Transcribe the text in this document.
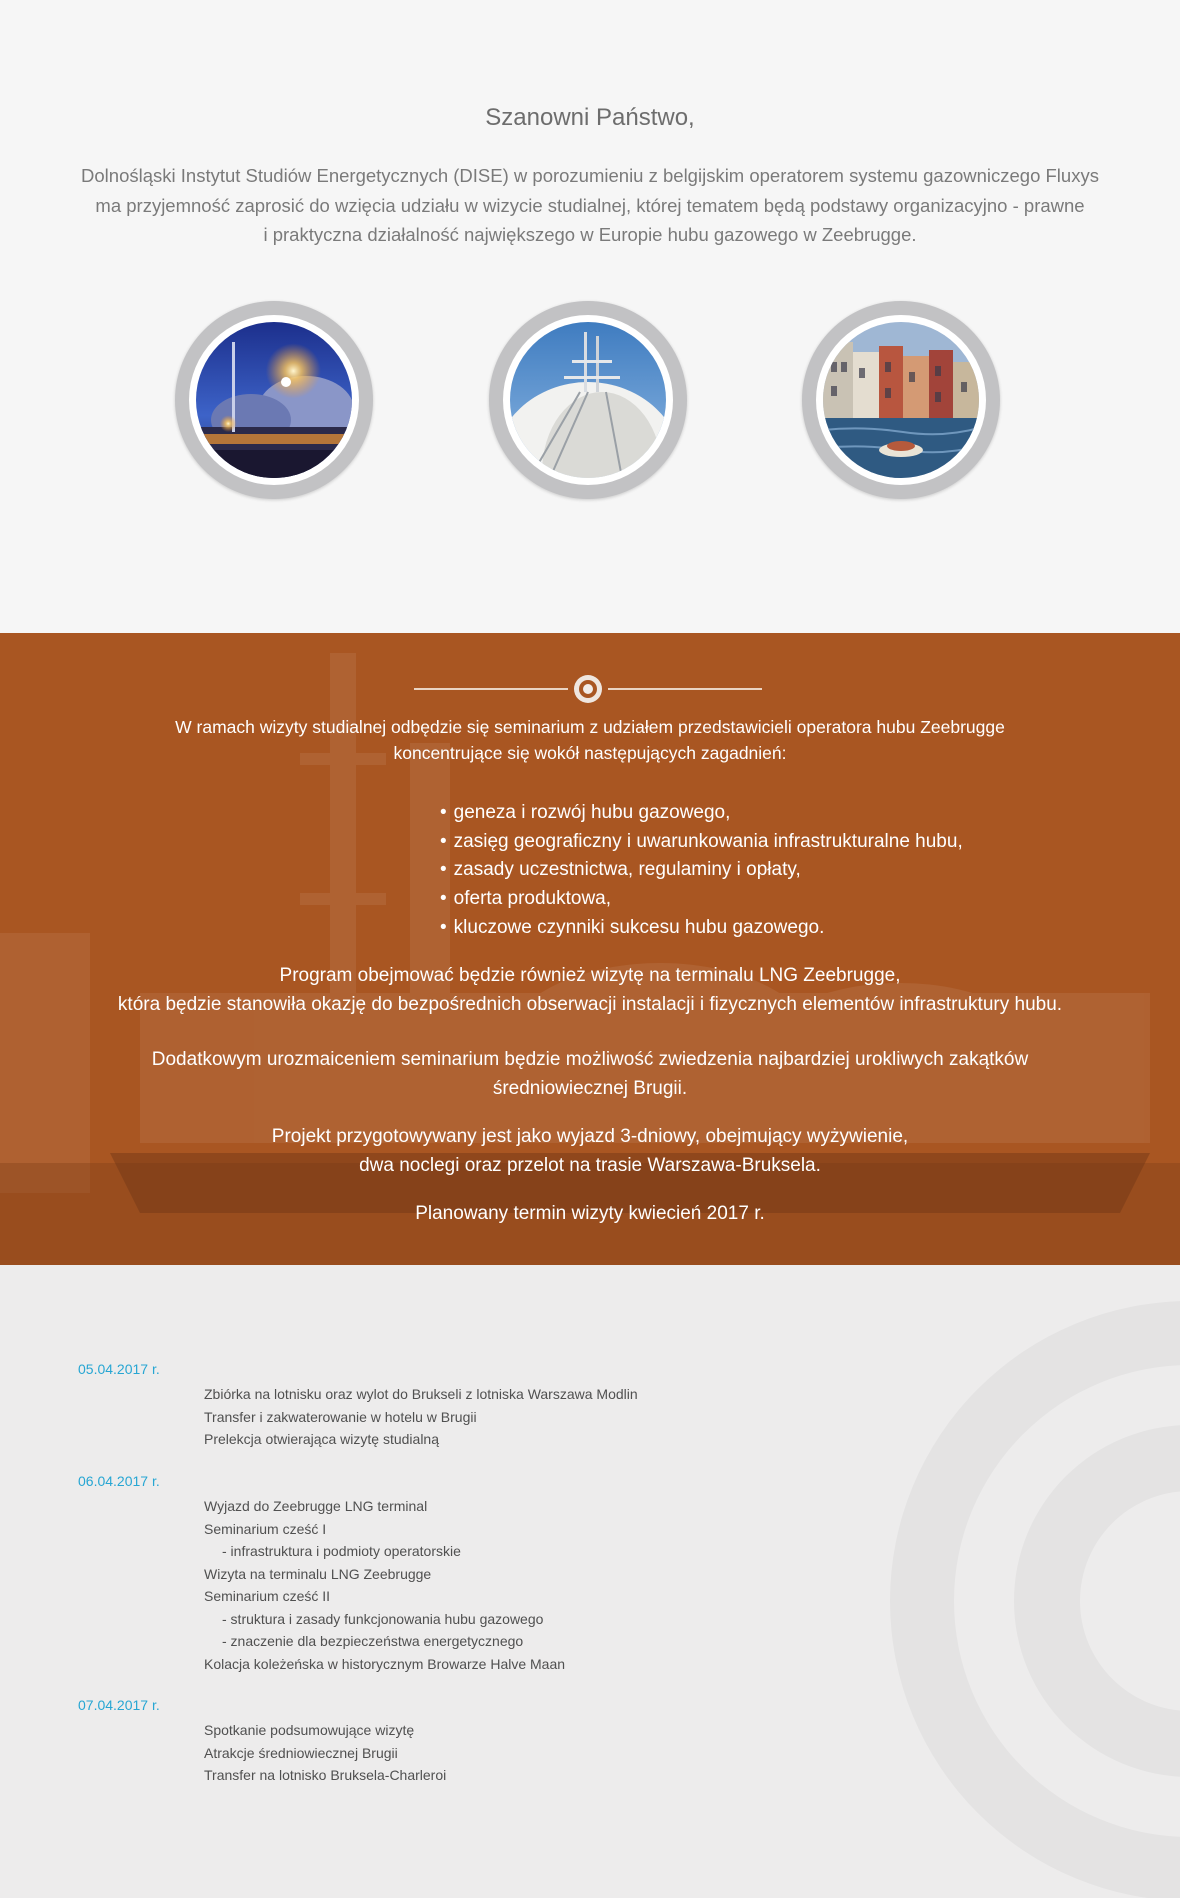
Szanowni Państwo,
Dolnośląski Instytut Studiów Energetycznych (DISE) w porozumieniu z belgijskim operatorem systemu gazowniczego Fluxys
ma przyjemność zaprosić do wzięcia udziału w wizycie studialnej, której tematem będą podstawy organizacyjno - prawne
i praktyczna działalność największego w Europie hubu gazowego w Zeebrugge.
W ramach wizyty studialnej odbędzie się seminarium z udziałem przedstawicieli operatora hubu Zeebrugge
koncentrujące się wokół następujących zagadnień:
• geneza i rozwój hubu gazowego,
• zasięg geograficzny i uwarunkowania infrastrukturalne hubu,
• zasady uczestnictwa, regulaminy i opłaty,
• oferta produktowa,
• kluczowe czynniki sukcesu hubu gazowego.
Program obejmować będzie również wizytę na terminalu LNG Zeebrugge,
która będzie stanowiła okazję do bezpośrednich obserwacji instalacji i fizycznych elementów infrastruktury hubu.
Dodatkowym urozmaiceniem seminarium będzie możliwość zwiedzenia najbardziej urokliwych zakątków
średniowiecznej Brugii.
Projekt przygotowywany jest jako wyjazd 3-dniowy, obejmujący wyżywienie,
dwa noclegi oraz przelot na trasie Warszawa-Bruksela.
Planowany termin wizyty kwiecień 2017 r.
05.04.2017 r.
Zbiórka na lotnisku oraz wylot do Brukseli z lotniska Warszawa Modlin
Transfer i zakwaterowanie w hotelu w Brugii
Prelekcja otwierająca wizytę studialną
06.04.2017 r.
Wyjazd do Zeebrugge LNG terminal
Seminarium cześć I
- infrastruktura i podmioty operatorskie
Wizyta na terminalu LNG Zeebrugge
Seminarium cześć II
- struktura i zasady funkcjonowania hubu gazowego
- znaczenie dla bezpieczeństwa energetycznego
Kolacja koleżeńska w historycznym Browarze Halve Maan
07.04.2017 r.
Spotkanie podsumowujące wizytę
Atrakcje średniowiecznej Brugii
Transfer na lotnisko Bruksela-Charleroi
